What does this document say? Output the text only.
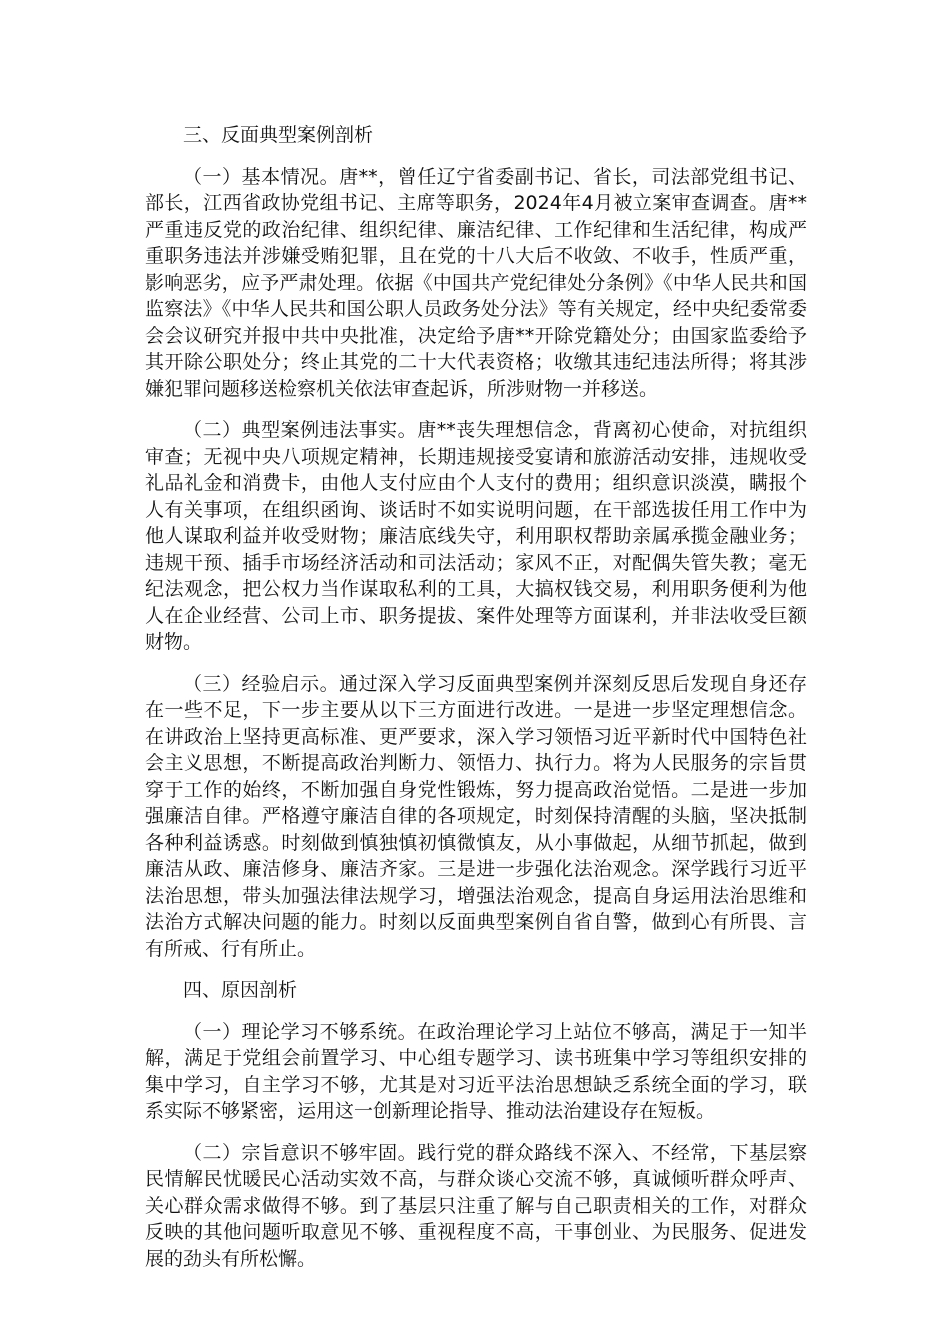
三、反面典型案例剖析

（一）基本情况。唐**，曾任辽宁省委副书记、省长，司法部党组书记、部长，江西省政协党组书记、主席等职务，2024年4月被立案审查调查。唐**严重违反党的政治纪律、组织纪律、廉洁纪律、工作纪律和生活纪律，构成严重职务违法并涉嫌受贿犯罪，且在党的十八大后不收敛、不收手，性质严重，影响恶劣，应予严肃处理。依据《中国共产党纪律处分条例》《中华人民共和国监察法》《中华人民共和国公职人员政务处分法》等有关规定，经中央纪委常委会会议研究并报中共中央批准，决定给予唐**开除党籍处分；由国家监委给予其开除公职处分；终止其党的二十大代表资格；收缴其违纪违法所得；将其涉嫌犯罪问题移送检察机关依法审查起诉，所涉财物一并移送。

（二）典型案例违法事实。唐**丧失理想信念，背离初心使命，对抗组织审查；无视中央八项规定精神，长期违规接受宴请和旅游活动安排，违规收受礼品礼金和消费卡，由他人支付应由个人支付的费用；组织意识淡漠，瞒报个人有关事项，在组织函询、谈话时不如实说明问题，在干部选拔任用工作中为他人谋取利益并收受财物；廉洁底线失守，利用职权帮助亲属承揽金融业务；违规干预、插手市场经济活动和司法活动；家风不正，对配偶失管失教；毫无纪法观念，把公权力当作谋取私利的工具，大搞权钱交易，利用职务便利为他人在企业经营、公司上市、职务提拔、案件处理等方面谋利，并非法收受巨额财物。

（三）经验启示。通过深入学习反面典型案例并深刻反思后发现自身还存在一些不足，下一步主要从以下三方面进行改进。一是进一步坚定理想信念。在讲政治上坚持更高标准、更严要求，深入学习领悟习近平新时代中国特色社会主义思想，不断提高政治判断力、领悟力、执行力。将为人民服务的宗旨贯穿于工作的始终，不断加强自身党性锻炼，努力提高政治觉悟。二是进一步加强廉洁自律。严格遵守廉洁自律的各项规定，时刻保持清醒的头脑，坚决抵制各种利益诱惑。时刻做到慎独慎初慎微慎友，从小事做起，从细节抓起，做到廉洁从政、廉洁修身、廉洁齐家。三是进一步强化法治观念。深学践行习近平法治思想，带头加强法律法规学习，增强法治观念，提高自身运用法治思维和法治方式解决问题的能力。时刻以反面典型案例自省自警，做到心有所畏、言有所戒、行有所止。

四、原因剖析

（一）理论学习不够系统。在政治理论学习上站位不够高，满足于一知半解，满足于党组会前置学习、中心组专题学习、读书班集中学习等组织安排的集中学习，自主学习不够，尤其是对习近平法治思想缺乏系统全面的学习，联系实际不够紧密，运用这一创新理论指导、推动法治建设存在短板。

（二）宗旨意识不够牢固。践行党的群众路线不深入、不经常，下基层察民情解民忧暖民心活动实效不高，与群众谈心交流不够，真诚倾听群众呼声、关心群众需求做得不够。到了基层只注重了解与自己职责相关的工作，对群众反映的其他问题听取意见不够、重视程度不高，干事创业、为民服务、促进发展的劲头有所松懈。
